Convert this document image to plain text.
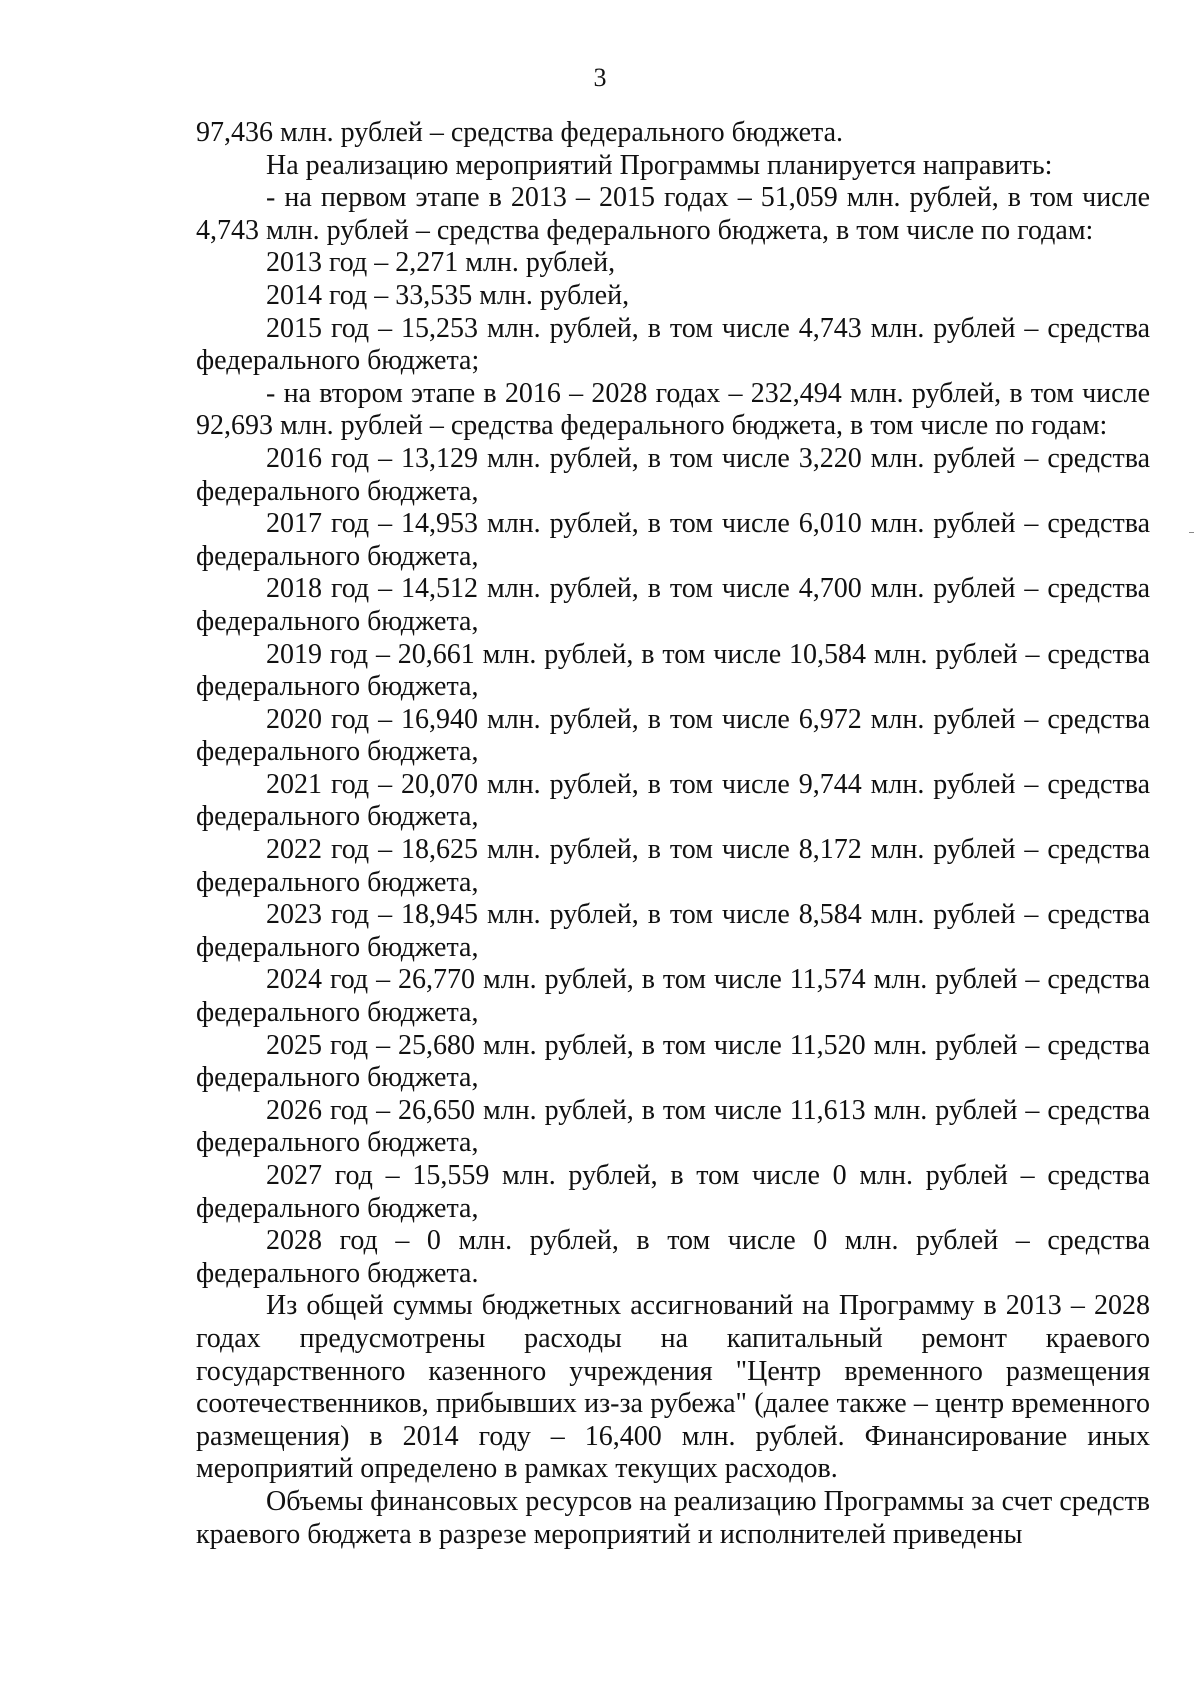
3

97,436 млн. рублей – средства федерального бюджета.

На реализацию мероприятий Программы планируется направить:

- на первом этапе в 2013 – 2015 годах – 51,059 млн. рублей, в том числе 4,743 млн. рублей – средства федерального бюджета, в том числе по годам:

2013 год – 2,271 млн. рублей,

2014 год – 33,535 млн. рублей,

2015 год – 15,253 млн. рублей, в том числе 4,743 млн. рублей – средства федерального бюджета;

- на втором этапе в 2016 – 2028 годах – 232,494 млн. рублей, в том числе 92,693 млн. рублей – средства федерального бюджета, в том числе по годам:

2016 год – 13,129 млн. рублей, в том числе 3,220 млн. рублей – средства федерального бюджета,

2017 год – 14,953 млн. рублей, в том числе 6,010 млн. рублей – средства федерального бюджета,

2018 год – 14,512 млн. рублей, в том числе 4,700 млн. рублей – средства федерального бюджета,

2019 год – 20,661 млн. рублей, в том числе 10,584 млн. рублей – средства федерального бюджета,

2020 год – 16,940 млн. рублей, в том числе 6,972 млн. рублей – средства федерального бюджета,

2021 год – 20,070 млн. рублей, в том числе 9,744 млн. рублей – средства федерального бюджета,

2022 год – 18,625 млн. рублей, в том числе 8,172 млн. рублей – средства федерального бюджета,

2023 год – 18,945 млн. рублей, в том числе 8,584 млн. рублей – средства федерального бюджета,

2024 год – 26,770 млн. рублей, в том числе 11,574 млн. рублей – средства федерального бюджета,

2025 год – 25,680 млн. рублей, в том числе 11,520 млн. рублей – средства федерального бюджета,

2026 год – 26,650 млн. рублей, в том числе 11,613 млн. рублей – средства федерального бюджета,

2027 год – 15,559 млн. рублей, в том числе 0 млн. рублей – средства федерального бюджета,

2028 год – 0 млн. рублей, в том числе 0 млн. рублей – средства федерального бюджета.

Из общей суммы бюджетных ассигнований на Программу в 2013 – 2028 годах предусмотрены расходы на капитальный ремонт краевого государственного казенного учреждения "Центр временного размещения соотечественников, прибывших из-за рубежа" (далее также – центр временного размещения) в 2014 году – 16,400 млн. рублей. Финансирование иных мероприятий определено в рамках текущих расходов.

Объемы финансовых ресурсов на реализацию Программы за счет средств краевого бюджета в разрезе мероприятий и исполнителей приведены
